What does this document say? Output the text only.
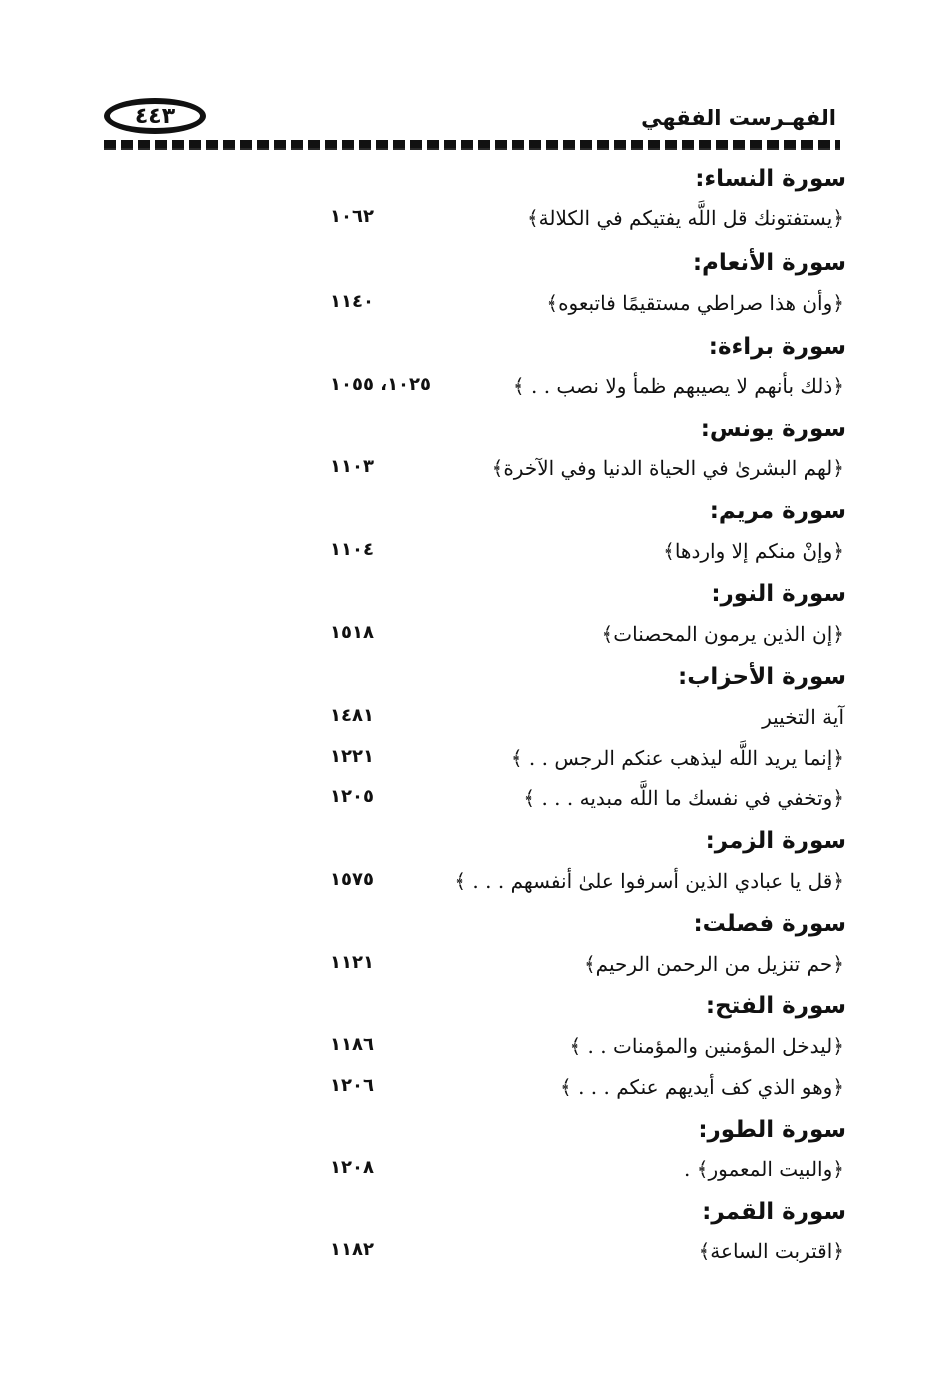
٤٤٣	الفهـرست الفقهي
سورة النساء:
﴿يستفتونك قل اللَّه يفتيكم في الكلالة﴾
١٠٦٢
سورة الأنعام:
﴿وأن هذا صراطي مستقيمًا فاتبعوه﴾
١١٤٠
سورة براءة:
﴿ذلك بأنهم لا يصيبهم ظمأ ولا نصب . . ﴾
١٠٢٥، ١٠٥٥
سورة يونس:
﴿لهم البشرىٰ في الحياة الدنيا وفي الآخرة﴾
١١٠٣
سورة مريم:
﴿وإنْ منكم إلا واردها﴾
١١٠٤
سورة النور:
﴿إن الذين يرمون المحصنات﴾
١٥١٨
سورة الأحزاب:
آية التخيير
١٤٨١
﴿إنما يريد اللَّه ليذهب عنكم الرجس . . ﴾
١٢٢١
﴿وتخفي في نفسك ما اللَّه مبديه . . . ﴾
١٢٠٥
سورة الزمر:
﴿قل يا عبادي الذين أسرفوا علىٰ أنفسهم . . . ﴾
١٥٧٥
سورة فصلت:
﴿حم تنزيل من الرحمن الرحيم﴾
١١٢١
سورة الفتح:
﴿ليدخل المؤمنين والمؤمنات . . ﴾
١١٨٦
﴿وهو الذي كف أيديهم عنكم . . . ﴾
١٢٠٦
سورة الطور:
﴿والبيت المعمور﴾ .
١٢٠٨
سورة القمر:
﴿اقتربت الساعة﴾
١١٨٢
